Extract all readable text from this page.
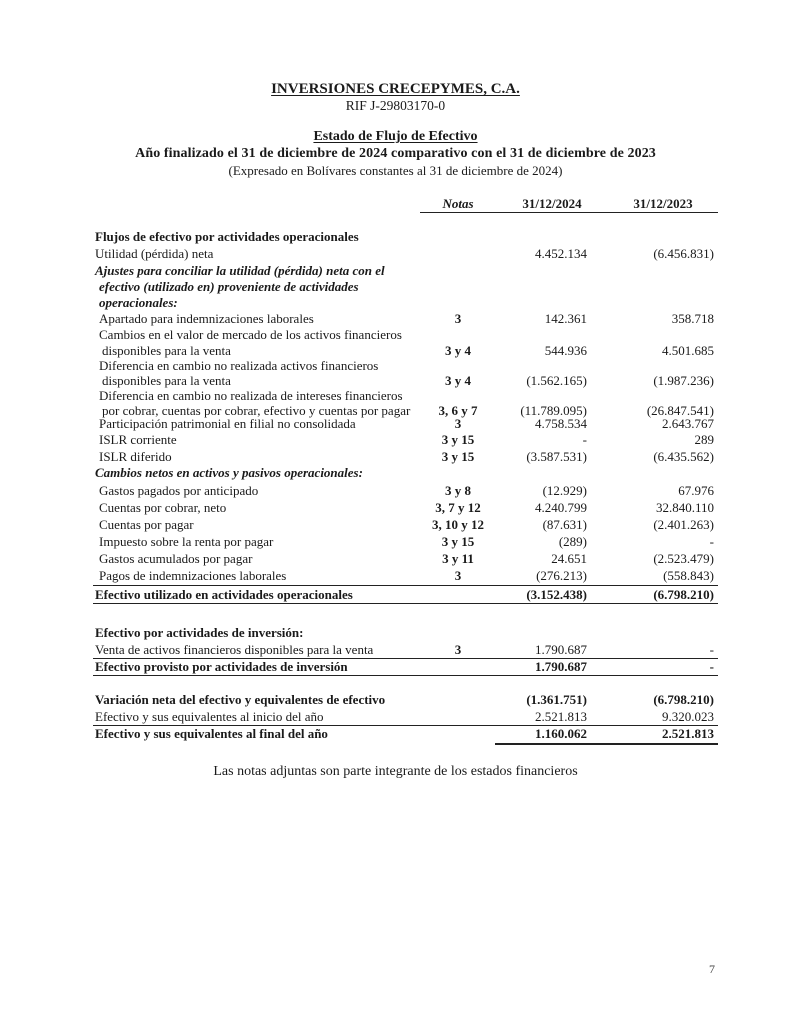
INVERSIONES CRECEPYMES, C.A.
RIF J-29803170-0
Estado de Flujo de Efectivo
Año finalizado el 31 de diciembre de 2024 comparativo con el 31 de diciembre de 2023
(Expresado en Bolívares constantes al 31 de diciembre de 2024)
Notas	31/12/2024	31/12/2023
Flujos de efectivo por actividades operacionales
Utilidad (pérdida) neta	4.452.134	(6.456.831)
Ajustes para conciliar la utilidad (pérdida) neta con el
efectivo (utilizado en) proveniente de actividades
operacionales:
Apartado para indemnizaciones laborales	3	142.361	358.718
Cambios en el valor de mercado de los activos financieros
disponibles para la venta	3 y 4	544.936	4.501.685
Diferencia en cambio no realizada activos financieros
disponibles para la venta	3 y 4	(1.562.165)	(1.987.236)
Diferencia en cambio no realizada de intereses financieros
por cobrar, cuentas por cobrar, efectivo y cuentas por pagar	3, 6 y 7	(11.789.095)	(26.847.541)
Participación patrimonial en filial no consolidada	3	4.758.534	2.643.767
ISLR corriente	3 y 15	-	289
ISLR diferido	3 y 15	(3.587.531)	(6.435.562)
Cambios netos en activos y pasivos operacionales:
Gastos pagados por anticipado	3 y 8	(12.929)	67.976
Cuentas por cobrar, neto	3, 7 y 12	4.240.799	32.840.110
Cuentas por pagar	3, 10 y 12	(87.631)	(2.401.263)
Impuesto sobre la renta por pagar	3 y 15	(289)	-
Gastos acumulados por pagar	3 y 11	24.651	(2.523.479)
Pagos de indemnizaciones laborales	3	(276.213)	(558.843)
Efectivo utilizado en actividades operacionales	(3.152.438)	(6.798.210)
Efectivo por actividades de inversión:
Venta de activos financieros disponibles para la venta	3	1.790.687	-
Efectivo provisto por actividades de inversión	1.790.687	-
Variación neta del efectivo y equivalentes de efectivo	(1.361.751)	(6.798.210)
Efectivo y sus equivalentes al inicio del año	2.521.813	9.320.023
Efectivo y sus equivalentes al final del año	1.160.062	2.521.813
Las notas adjuntas son parte integrante de los estados financieros
7
